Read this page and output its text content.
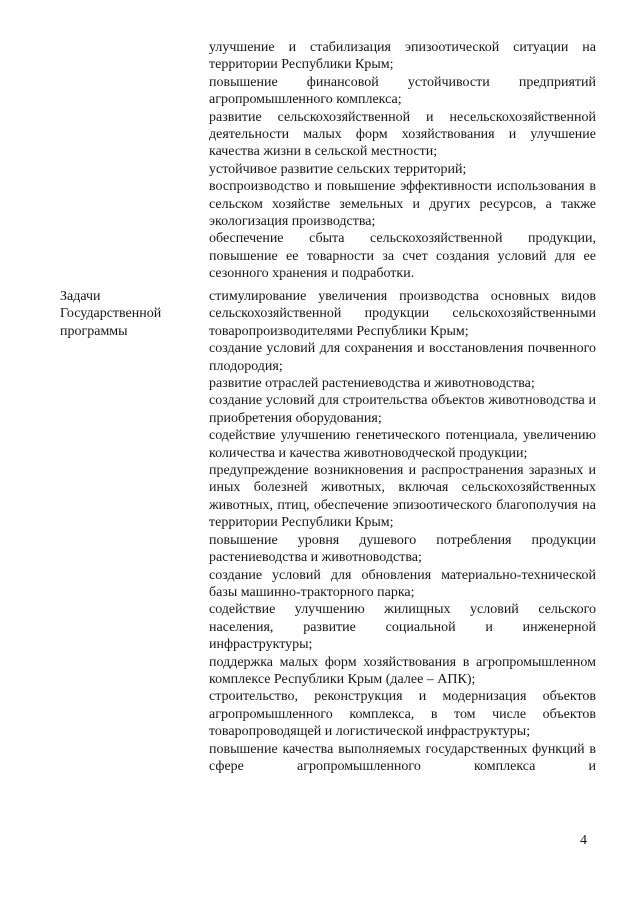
улучшение и стабилизация эпизоотической ситуации на территории Республики Крым;

повышение финансовой устойчивости предприятий агропромышленного комплекса;

развитие сельскохозяйственной и несельскохозяйственной деятельности малых форм хозяйствования и улучшение качества жизни в сельской местности;

устойчивое развитие сельских территорий;

воспроизводство и повышение эффективности использования в сельском хозяйстве земельных и других ресурсов, а также экологизация производства;

обеспечение сбыта сельскохозяйственной продукции, повышение ее товарности за счет создания условий для ее сезонного хранения и подработки.

Задачи Государственной программы

стимулирование увеличения производства основных видов сельскохозяйственной продукции сельскохозяйственными товаропроизводителями Республики Крым;

создание условий для сохранения и восстановления почвенного плодородия;

развитие отраслей растениеводства и животноводства;

создание условий для строительства объектов животноводства и приобретения оборудования;

содействие улучшению генетического потенциала, увеличению количества и качества животноводческой продукции;

предупреждение возникновения и распространения заразных и иных болезней животных, включая сельскохозяйственных животных, птиц, обеспечение эпизоотического благополучия на территории Республики Крым;

повышение уровня душевого потребления продукции растениеводства и животноводства;

создание условий для обновления материально-технической базы машинно-тракторного парка;

содействие улучшению жилищных условий сельского населения, развитие социальной и инженерной инфраструктуры;

поддержка малых форм хозяйствования в агропромышленном комплексе Республики Крым (далее – АПК);

строительство, реконструкция и модернизация объектов агропромышленного комплекса, в том числе объектов товаропроводящей и логистической инфраструктуры;

повышение качества выполняемых государственных функций в сфере агропромышленного комплекса и

4
